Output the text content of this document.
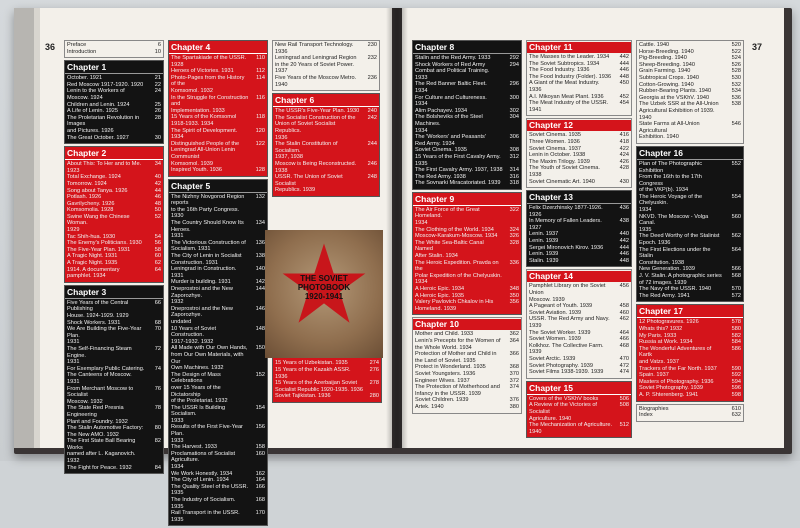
36 Preface	6
Introduction	10
Chapter 1
October. 1921	21
Red Moscow 1917-1920. 1920	22
Lenin to the Workers of Moscow. 1924
24
Children and Lenin. 1924	25
A Life of Lenin. 1925	26
The Proletarian Revolution in Images
and Pictures. 1926
28
The Great October. 1927	30
Chapter 2
About This: To Her and to Me. 1923
34
Total Exchange. 1924	40
Tomorrow. 1924	42
Song about Tanya. 1926	44
Potlash. 1926	46
Gavrilycheny. 1926	48
Komsomolia. 1928	50
Swine Wang the Chinese Woman.
1929
52
Tac Shih-hua. 1930	54
The Enemy's Politicians. 1930	56
The Five-Year Plan. 1931	58
A Tragic Night. 1931	60
A Tragic Night. 1935	62
1914. A documentary pamphlet. 1934
64
Chapter 3
Five Years of the Central Publishing
House. 1924-1929. 1929
66
Shock Workers. 1931	68
We Are Building the Five-Year Plan.
1931
70
The Self-Financing Steam Engine.
1931
72
For Exemplary Public Catering.
The Canteens of Moscow. 1931
74
From Merchant Moscow to Socialist
Moscow. 1932
76
The State Red Presnia Engineering
Plant and Foundry. 1932
78
The Stalin Automotive Factory:
The New AMO. 1932
80
The First State Ball Bearing Works
named after L. Kaganovich. 1932
82
The Fight for Peace. 1932	84
Chapter 4
The Spartakiade of the USSR. 1928
110
Heroes of Victories. 1931	112
Photo-Pages from the History of the
Komsomol. 1932
114
In the Struggle for Construction and
Implementation. 1933
116
15 Years of the Komsomol
1918-1933. 1934
118
The Spirit of Development. 1934
120
Distinguished People of the
Leningrad All-Union Lenin Communist
Komsomol. 1939
122
Inspired Youth. 1936	128
Chapter 5
The Nizhny Novgorod Region reports
to the 16th Party Congress. 1930
132
The Country Should Know Its Heroes.
1931
134
The Victorious Construction of
Socialism. 1931
136
The City of Lenin in Socialist
Construction. 1931
138
Leningrad in Construction. 1931
140
Murder is building. 1931	142
Dneprostroi and the New Zaporozhye.
1932
144
Dneprostroi and the New Zaporozhye.
undated
146
10 Years of Soviet Construction.
1917-1932. 1932
148
All Made with Our Own Hands,
from Our Own Materials, with Our
Own Machines. 1932
150
The Design of Mass Celebrations
over 15 Years of the Dictatorship
of the Proletariat. 1932
152
The USSR Is Building Socialism.
1933
154
Results of the First Five-Year Plan.
1933
156
The Harvest. 1933	158
Proclamations of Socialist Agriculture.
1934
160
We Work Honestly. 1934	162
The City of Lenin. 1934	164
The Quality Steel of the USSR. 1935
166
The Industry of Socialism. 1935
168
Rail Transport in the USSR. 1935
170
New Rail Transport Technology.
1936
230
Leningrad and Leningrad Region
in the 20 Years of Soviet Power.
1937
232
Five Years of the Moscow Metro.
1940
236
Chapter 6
The USSR's Five-Year Plan. 1930	240
The Socialist Construction of the
Union of Soviet Socialist Republics.
1936
242
The Stalin Constitution of Socialism.
1937, 1938
244
Moscow is Being Reconstructed.
1938
246
USSR. The Union of Soviet Socialist
Republics. 1939
248
15 Years of Uzbekistan. 1935	274
15 Years of the Kazakh ASSR.
1936
276
15 Years of the Azerbaijan Soviet
Socialist Republic 1920-1935. 1936
278
Soviet Tajikistan. 1936	280
37
Chapter 8
Stalin and the Red Army. 1933	292
Shock Workers of Red Army
Combat and Political Training.
1933
294
The Red Banner Baltic Fleet.
1934
296
For Culture and Cultureness.
1934
300
Alim Pachayev. 1934	302
The Bolsheviks of the Steel Machines.
1934
304
The 'Workers' and Peasants'
Red Army. 1934
306
Soviet Cinema. 1935	308
15 Years of the First Cavalry Army.
1935
312
The First Cavalry Army. 1937, 1938	314
The Red Army. 1938	316
The Sovnarki Miracatoriated. 1939	318
Chapter 9
The Air Force of the Great Homeland.
1934
322
The Clothing of the World. 1934	324
Moscow-Karakum-Moscow. 1934	326
The White Sea-Baltic Canal Named
After Stalin. 1934
328
The Heroic Expedition. Pravda on the
Polar Expedition of the Chelyuskin.
1934
336
A Heroic Epic. 1934	348
A Heroic Epic. 1935	350
Valery Pavlovich Chkalov in His
Homeland. 1939
356
Chapter 10
Mother and Child. 1933	362
Lenin's Precepts for the Women of
the Whole World. 1934
364
Protection of Mother and Child in
the Land of Soviet. 1935
366
Protect in Wonderland. 1935	368
Soviet Youngsters. 1936	370
Engineer Wives. 1937	372
The Protection of Motherhood and
Infancy in the USSR. 1939
374
Soviet Children. 1939	376
Artek. 1940	380
Chapter 11
The Masses to the Leader. 1934	442
The Soviet Subtropics. 1934	444
The Food Industry. 1936	446
The Food Industry (Folder). 1936	448
A Giant of the Meat Industry. 1936
450
A.I. Mikoyan Meat Plant. 1936	452
The Meat Industry of the USSR. 1941
454
Chapter 12
Soviet Cinema. 1935	416
Three Women. 1936	418
Soviet Cinema. 1937	422
Lenin in October. 1938	424
The Maxim Trilogy. 1939	426
The Youth of Soviet Cinema. 1938
428
Soviet Cinematic Art. 1940	430
Chapter 13
Felix Dzerzhinsky 1877-1926. 1926
436
In Memory of Fallen Leaders. 1927
438
Lenin. 1937	440
Lenin. 1939	442
Sergei Mironovich Kirov. 1936	444
Lenin. 1939	446
Stalin. 1939	448
Chapter 14
Pamphlet Library on the Soviet Union
Moscow. 1939
456
A Pageant of Youth. 1939	458
Soviet Aviation. 1939	460
USSR. The Red Army and Navy.
1939
462
The Soviet Worker. 1939	464
Soviet Women. 1939	466
Kolkhoz. The Collective Farm. 1939
468
Soviet Arctic. 1939	470
Soviet Photography. 1939	472
Soviet Films 1938-1939. 1939	474
Chapter 15
Covers of the VSKhV books	506
A Review of the Victories of Socialist
Agriculture. 1940
508
The Mechanization of Agriculture.
1940
512
Cattle. 1940	520
Horse-Breeding. 1940	522
Pig-Breeding. 1940	524
Sheep-Breeding. 1940	526
Grain Farming. 1940	528
Subtropical Crops. 1940	530
Cotton-Growing. 1940	532
Rubber-Bearing Plants. 1940	534
Georgia at the VSKhV. 1940	536
The Uzbek SSR at the All-Union
Agricultural Exhibition of 1939.
1940
538
State Farms at All-Union Agricultural
Exhibition. 1940
546
Chapter 16
Plan of The Photographic Exhibition
From the 16th to the 17th Congress
of the VKP(b). 1934
552
The Heroic Voyage of the Chelyuskin.
1934
554
NKVD. The Moscow - Volga Canal.
1935
560
The Deed Worthy of the Stalinist
Epoch. 1936
562
The First Elections under the Stalin
Constitution. 1938
564
New Generation. 1939	566
J. V. Stalin. A photographic series
of 72 images. 1939
568
The Navy of the USSR. 1940	570
The Red Army. 1941	572
Chapter 17
12 Photogravures. 1926	578
Whats this? 1932	580
My Paris. 1933	582
Russia at Work. 1934	584
The Wonderful Adventures of Kartk
and Vatzs. 1937
586
Trackers of the Far North. 1937	590
Spain. 1937	592
Masters of Photography. 1936	594
Soviet Photography. 1939	596
A. P. Shterenberg. 1941	598
Biographies	610
Index	632
THE SOVIET
PHOTOBOOK
1920-1941
